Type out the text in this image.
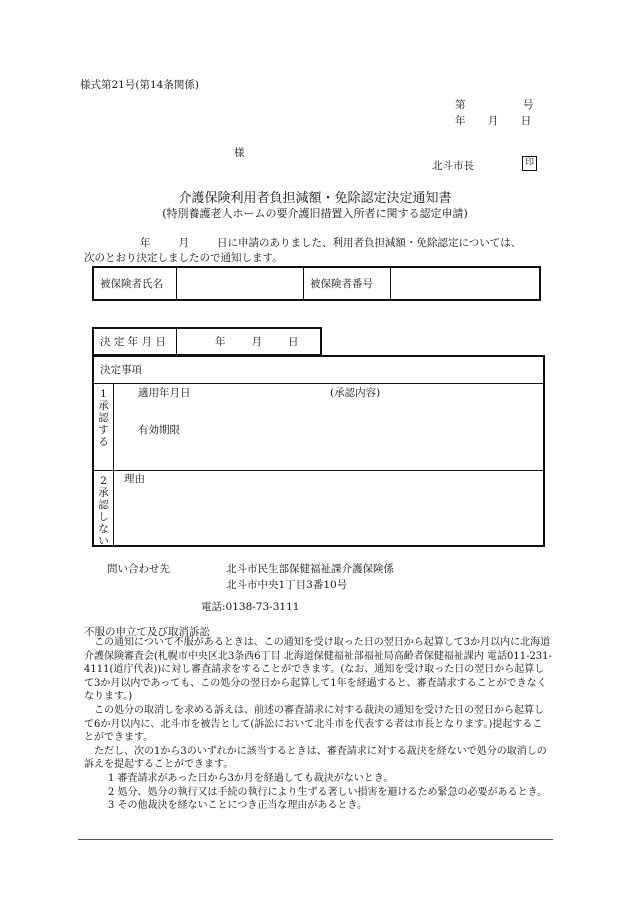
様式第21号(第14条関係)
第	号
年 月 日
様
北斗市長	印
介護保険利用者負担減額・免除認定決定通知書
(特別養護老人ホームの要介護旧措置入所者に関する認定申請)
年	月	日に申請のありました、利用者負担減額・免除認定については、
次のとおり決定しましたので通知します。
被保険者氏名		被保険者番号	
決 定 年 月 日	年 月 日
決定事項
1
承
認
す
る
適用年月日	(承認内容)
有効期限
2
承
認
し
な
い
理由
問い合わせ先	北斗市民生部保健福祉課介護保険係
北斗市中央1丁目3番10号
電話:0138-73-3111
不服の申立て及び取消訴訟

この通知について不服があるときは、この通知を受け取った日の翌日から起算して3か月以内に北海道介護保険審査会(札幌市中央区北3条西6丁目 北海道保健福祉部福祉局高齢者保健福祉課内 電話011-231-4111(道庁代表))に対し審査請求をすることができます。(なお、通知を受け取った日の翌日から起算して3か月以内であっても、この処分の翌日から起算して1年を経過すると、審査請求することができなくなります。)

この処分の取消しを求める訴えは、前述の審査請求に対する裁決の通知を受けた日の翌日から起算して6か月以内に、北斗市を被告として(訴訟において北斗市を代表する者は市長となります。)提起することができます。

ただし、次の1から3のいずれかに該当するときは、審査請求に対する裁決を経ないで処分の取消しの訴えを提起することができます。

1 審査請求があった日から3か月を経過しても裁決がないとき。

2 処分、処分の執行又は手続の執行により生ずる著しい損害を避けるため緊急の必要があるとき。

3 その他裁決を経ないことにつき正当な理由があるとき。
